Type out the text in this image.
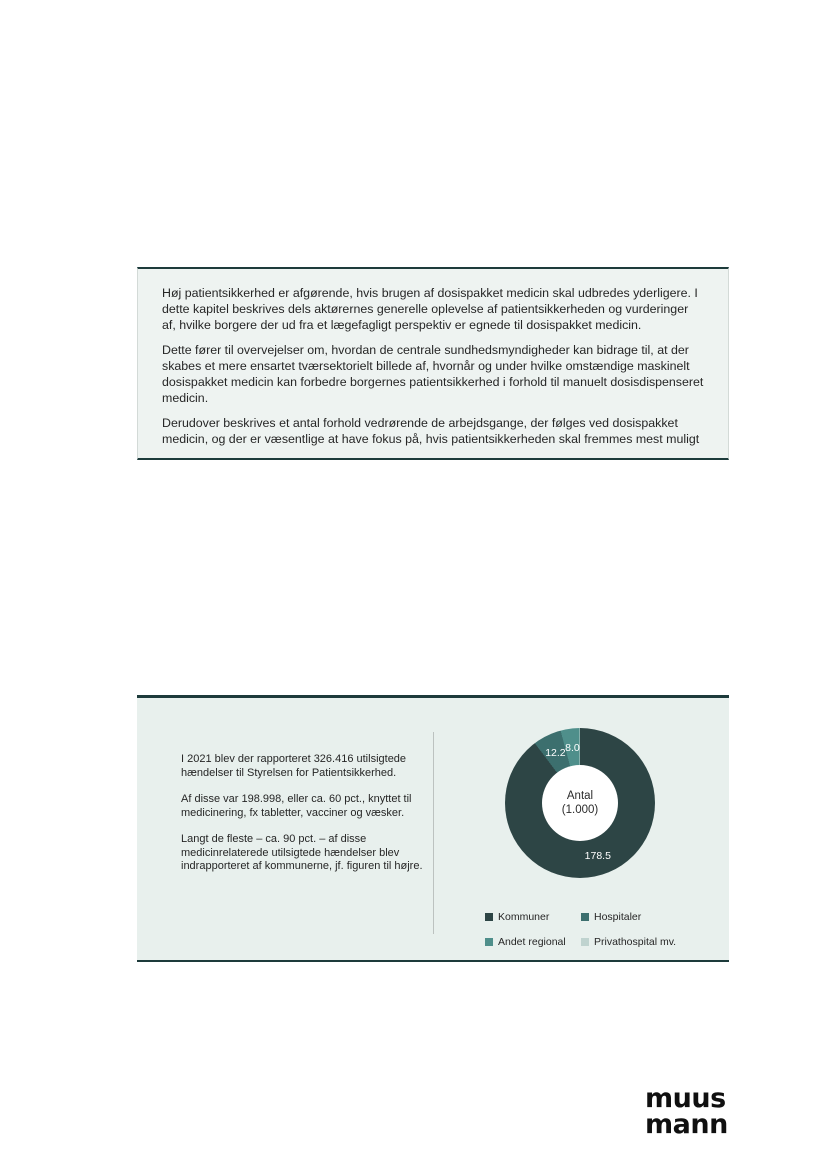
Høj patientsikkerhed er afgørende, hvis brugen af dosispakket medicin skal udbredes yderligere. I dette kapitel beskrives dels aktørernes generelle oplevelse af patientsikkerheden og vurderinger af, hvilke borgere der ud fra et lægefagligt perspektiv er egnede til dosispakket medicin.

Dette fører til overvejelser om, hvordan de centrale sundhedsmyndigheder kan bidrage til, at der skabes et mere ensartet tværsektorielt billede af, hvornår og under hvilke omstændige maskinelt dosispakket medicin kan forbedre borgernes patientsikkerhed i forhold til manuelt dosisdispenseret medicin.

Derudover beskrives et antal forhold vedrørende de arbejdsgange, der følges ved dosispakket medicin, og der er væsentlige at have fokus på, hvis patientsikkerheden skal fremmes mest muligt

I 2021 blev der rapporteret 326.416 utilsigtede hændelser til Styrelsen for Patientsikkerhed.

Af disse var 198.998, eller ca. 60 pct., knyttet til medicinering, fx tabletter, vacciner og væsker.

Langt de fleste – ca. 90 pct. – af disse medicinrelaterede utilsigtede hændelser blev indrapporteret af kommunerne, jf. figuren til højre.

Antal
(1.000)
178.5
12.2 8.0
Kommuner	Hospitaler
Andet regional	Privathospital mv.
muus
mann
